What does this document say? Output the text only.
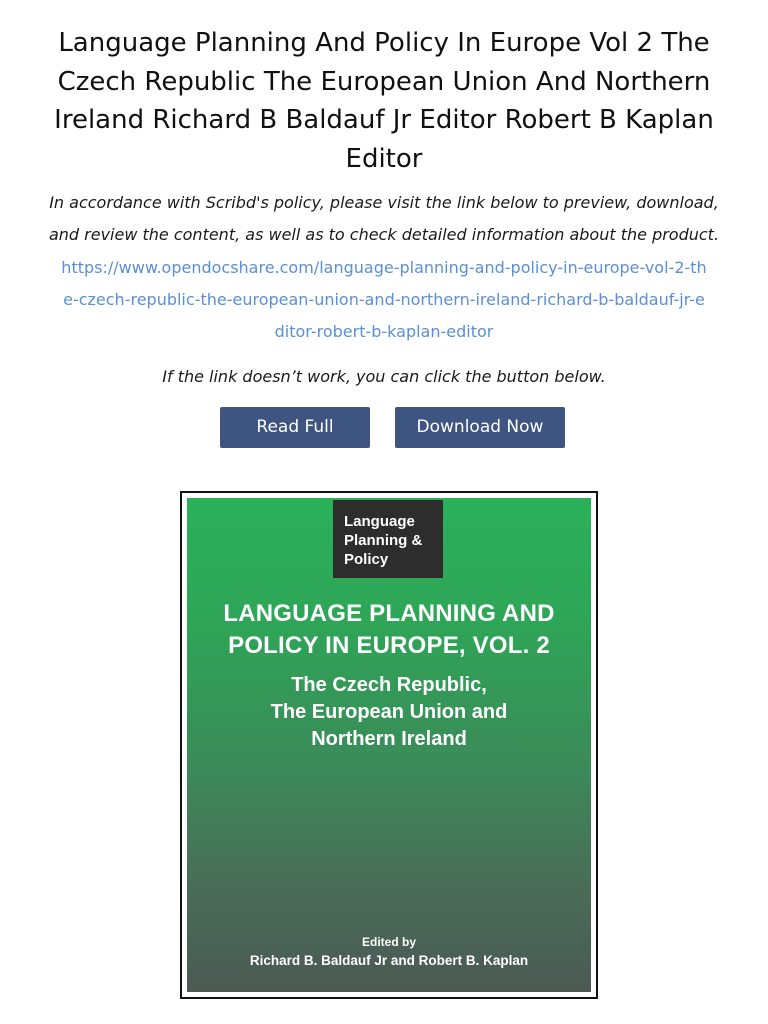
Language Planning And Policy In Europe Vol 2 The Czech Republic The European Union And Northern Ireland Richard B Baldauf Jr Editor Robert B Kaplan Editor

In accordance with Scribd's policy, please visit the link below to preview, download, and review the content, as well as to check detailed information about the product.

https://www.opendocshare.com/language-planning-and-policy-in-europe-vol-2-the-czech-republic-the-european-union-and-northern-ireland-richard-b-baldauf-jr-editor-robert-b-kaplan-editor

If the link doesn’t work, you can click the button below.

Read Full	Download Now
Language
Planning &
Policy
LANGUAGE PLANNING AND
POLICY IN EUROPE, VOL. 2
The Czech Republic,
The European Union and
Northern Ireland
Edited by
Richard B. Baldauf Jr and Robert B. Kaplan
